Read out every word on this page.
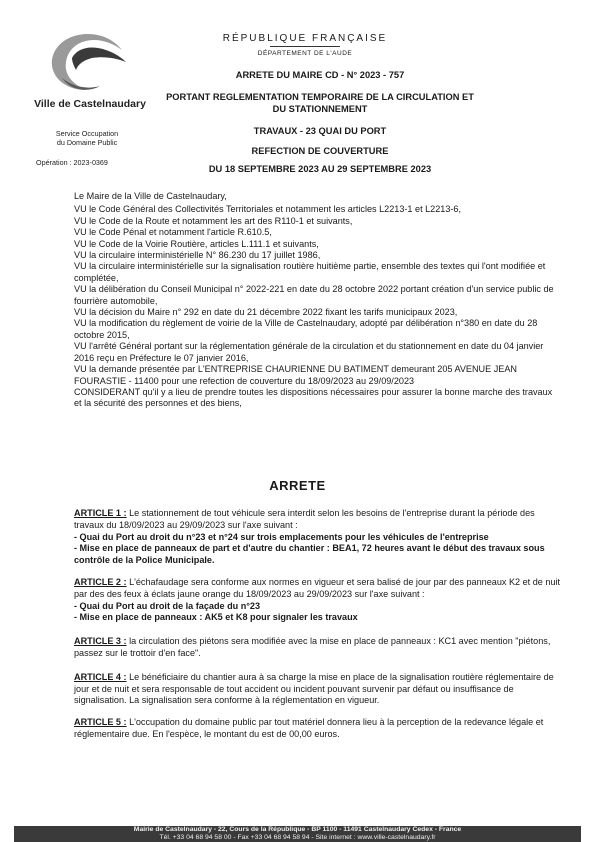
Ville de Castelnaudary
Service Occupation
du Domaine Public
Opération : 2023-0369
RÉPUBLIQUE FRANÇAISE
DÉPARTEMENT DE L'AUDE
ARRETE DU MAIRE CD - N° 2023 - 757
PORTANT REGLEMENTATION TEMPORAIRE DE LA CIRCULATION ET DU STATIONNEMENT
TRAVAUX - 23 QUAI DU PORT
REFECTION DE COUVERTURE
DU 18 SEPTEMBRE 2023 AU 29 SEPTEMBRE 2023

Le Maire de la Ville de Castelnaudary,

VU le Code Général des Collectivités Territoriales et notamment les articles L2213-1 et L2213-6,

VU le Code de la Route et notamment les art des R110-1 et suivants,

VU le Code Pénal et notamment l'article R.610.5,

VU le Code de la Voirie Routière, articles L.111.1 et suivants,

VU la circulaire interministérielle N° 86.230 du 17 juillet 1986,

VU la circulaire interministérielle sur la signalisation routière huitième partie, ensemble des textes qui l'ont modifiée et complétée,

VU la délibération du Conseil Municipal n° 2022-221 en date du 28 octobre 2022 portant création d'un service public de fourrière automobile,

VU la décision du Maire n° 292 en date du 21 décembre 2022 fixant les tarifs municipaux 2023,

VU la modification du règlement de voirie de la Ville de Castelnaudary, adopté par délibération n°380 en date du 28 octobre 2015,

VU l'arrêté Général portant sur la réglementation générale de la circulation et du stationnement en date du 04 janvier 2016 reçu en Préfecture le 07 janvier 2016,

VU la demande présentée par L'ENTREPRISE CHAURIENNE DU BATIMENT demeurant 205 AVENUE JEAN FOURASTIE - 11400 pour une refection de couverture du 18/09/2023 au 29/09/2023

CONSIDERANT qu'il y a lieu de prendre toutes les dispositions nécessaires pour assurer la bonne marche des travaux et la sécurité des personnes et des biens,

ARRETE

ARTICLE 1 : Le stationnement de tout véhicule sera interdit selon les besoins de l'entreprise durant la période des travaux du 18/09/2023 au 29/09/2023 sur l'axe suivant :

- Quai du Port au droit du n°23 et n°24 sur trois emplacements pour les véhicules de l'entreprise

- Mise en place de panneaux de part et d'autre du chantier : BEA1, 72 heures avant le début des travaux sous contrôle de la Police Municipale.

ARTICLE 2 : L'échafaudage sera conforme aux normes en vigueur et sera balisé de jour par des panneaux K2 et de nuit par des des feux à éclats jaune orange du 18/09/2023 au 29/09/2023 sur l'axe suivant :

- Quai du Port au droit de la façade du n°23

- Mise en place de panneaux : AK5 et K8 pour signaler les travaux

ARTICLE 3 : la circulation des piétons sera modifiée avec la mise en place de panneaux : KC1 avec mention "piétons, passez sur le trottoir d'en face".

ARTICLE 4 : Le bénéficiaire du chantier aura à sa charge la mise en place de la signalisation routière réglementaire de jour et de nuit et sera responsable de tout accident ou incident pouvant survenir par défaut ou insuffisance de signalisation. La signalisation sera conforme à la réglementation en vigueur.

ARTICLE 5 : L'occupation du domaine public par tout matériel donnera lieu à la perception de la redevance légale et réglementaire due. En l'espèce, le montant du est de 00,00 euros.

Mairie de Castelnaudary - 22, Cours de la République - BP 1100 - 11491 Castelnaudary Cedex - France
Tél. +33 04 68 94 58 00 - Fax +33 04 68 94 58 94 - Site internet : www.ville-castelnaudary.fr
